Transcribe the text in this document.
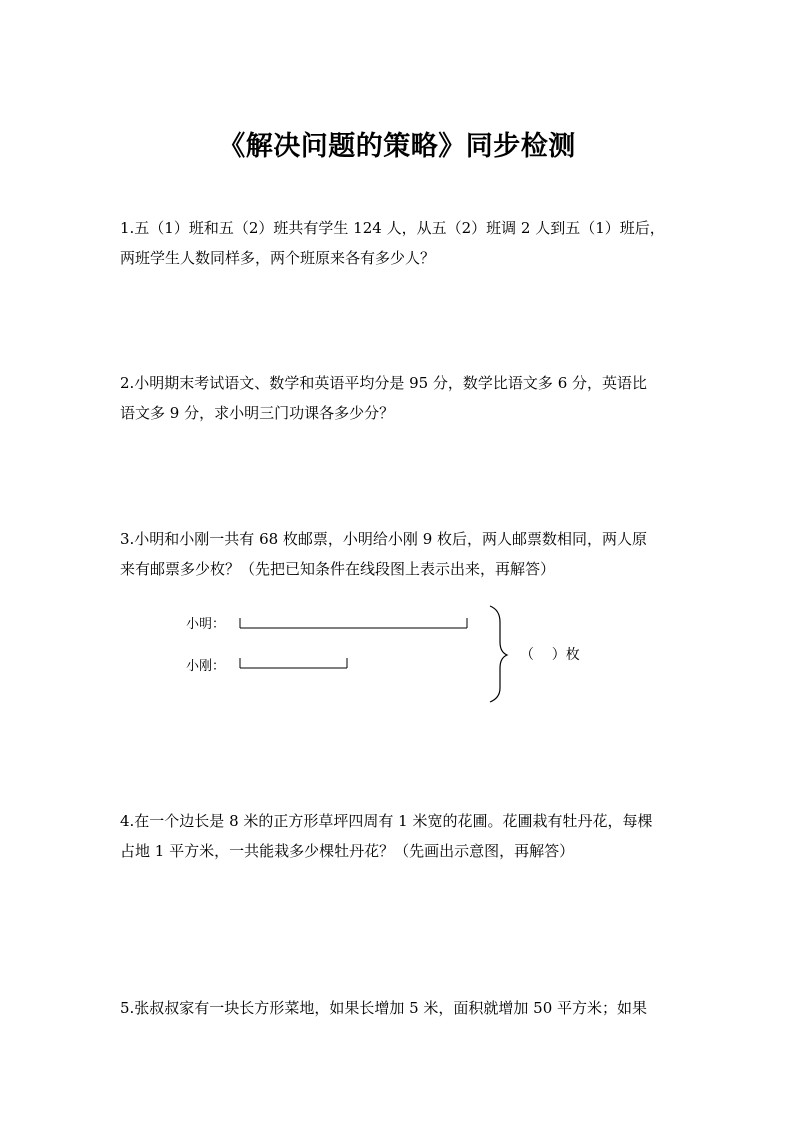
《解决问题的策略》同步检测

1.五（1）班和五（2）班共有学生 124 人，从五（2）班调 2 人到五（1）班后，

两班学生人数同样多，两个班原来各有多少人？

2.小明期末考试语文、数学和英语平均分是 95 分，数学比语文多 6 分，英语比

语文多 9 分，求小明三门功课各多少分？

3.小明和小刚一共有 68 枚邮票，小明给小刚 9 枚后，两人邮票数相同，两人原

来有邮票多少枚？（先把已知条件在线段图上表示出来，再解答）

小明：
小刚：
（    ）枚

4.在一个边长是 8 米的正方形草坪四周有 1 米宽的花圃。花圃栽有牡丹花，每棵

占地 1 平方米，一共能栽多少棵牡丹花？（先画出示意图，再解答）

5.张叔叔家有一块长方形菜地，如果长增加 5 米，面积就增加 50 平方米；如果
